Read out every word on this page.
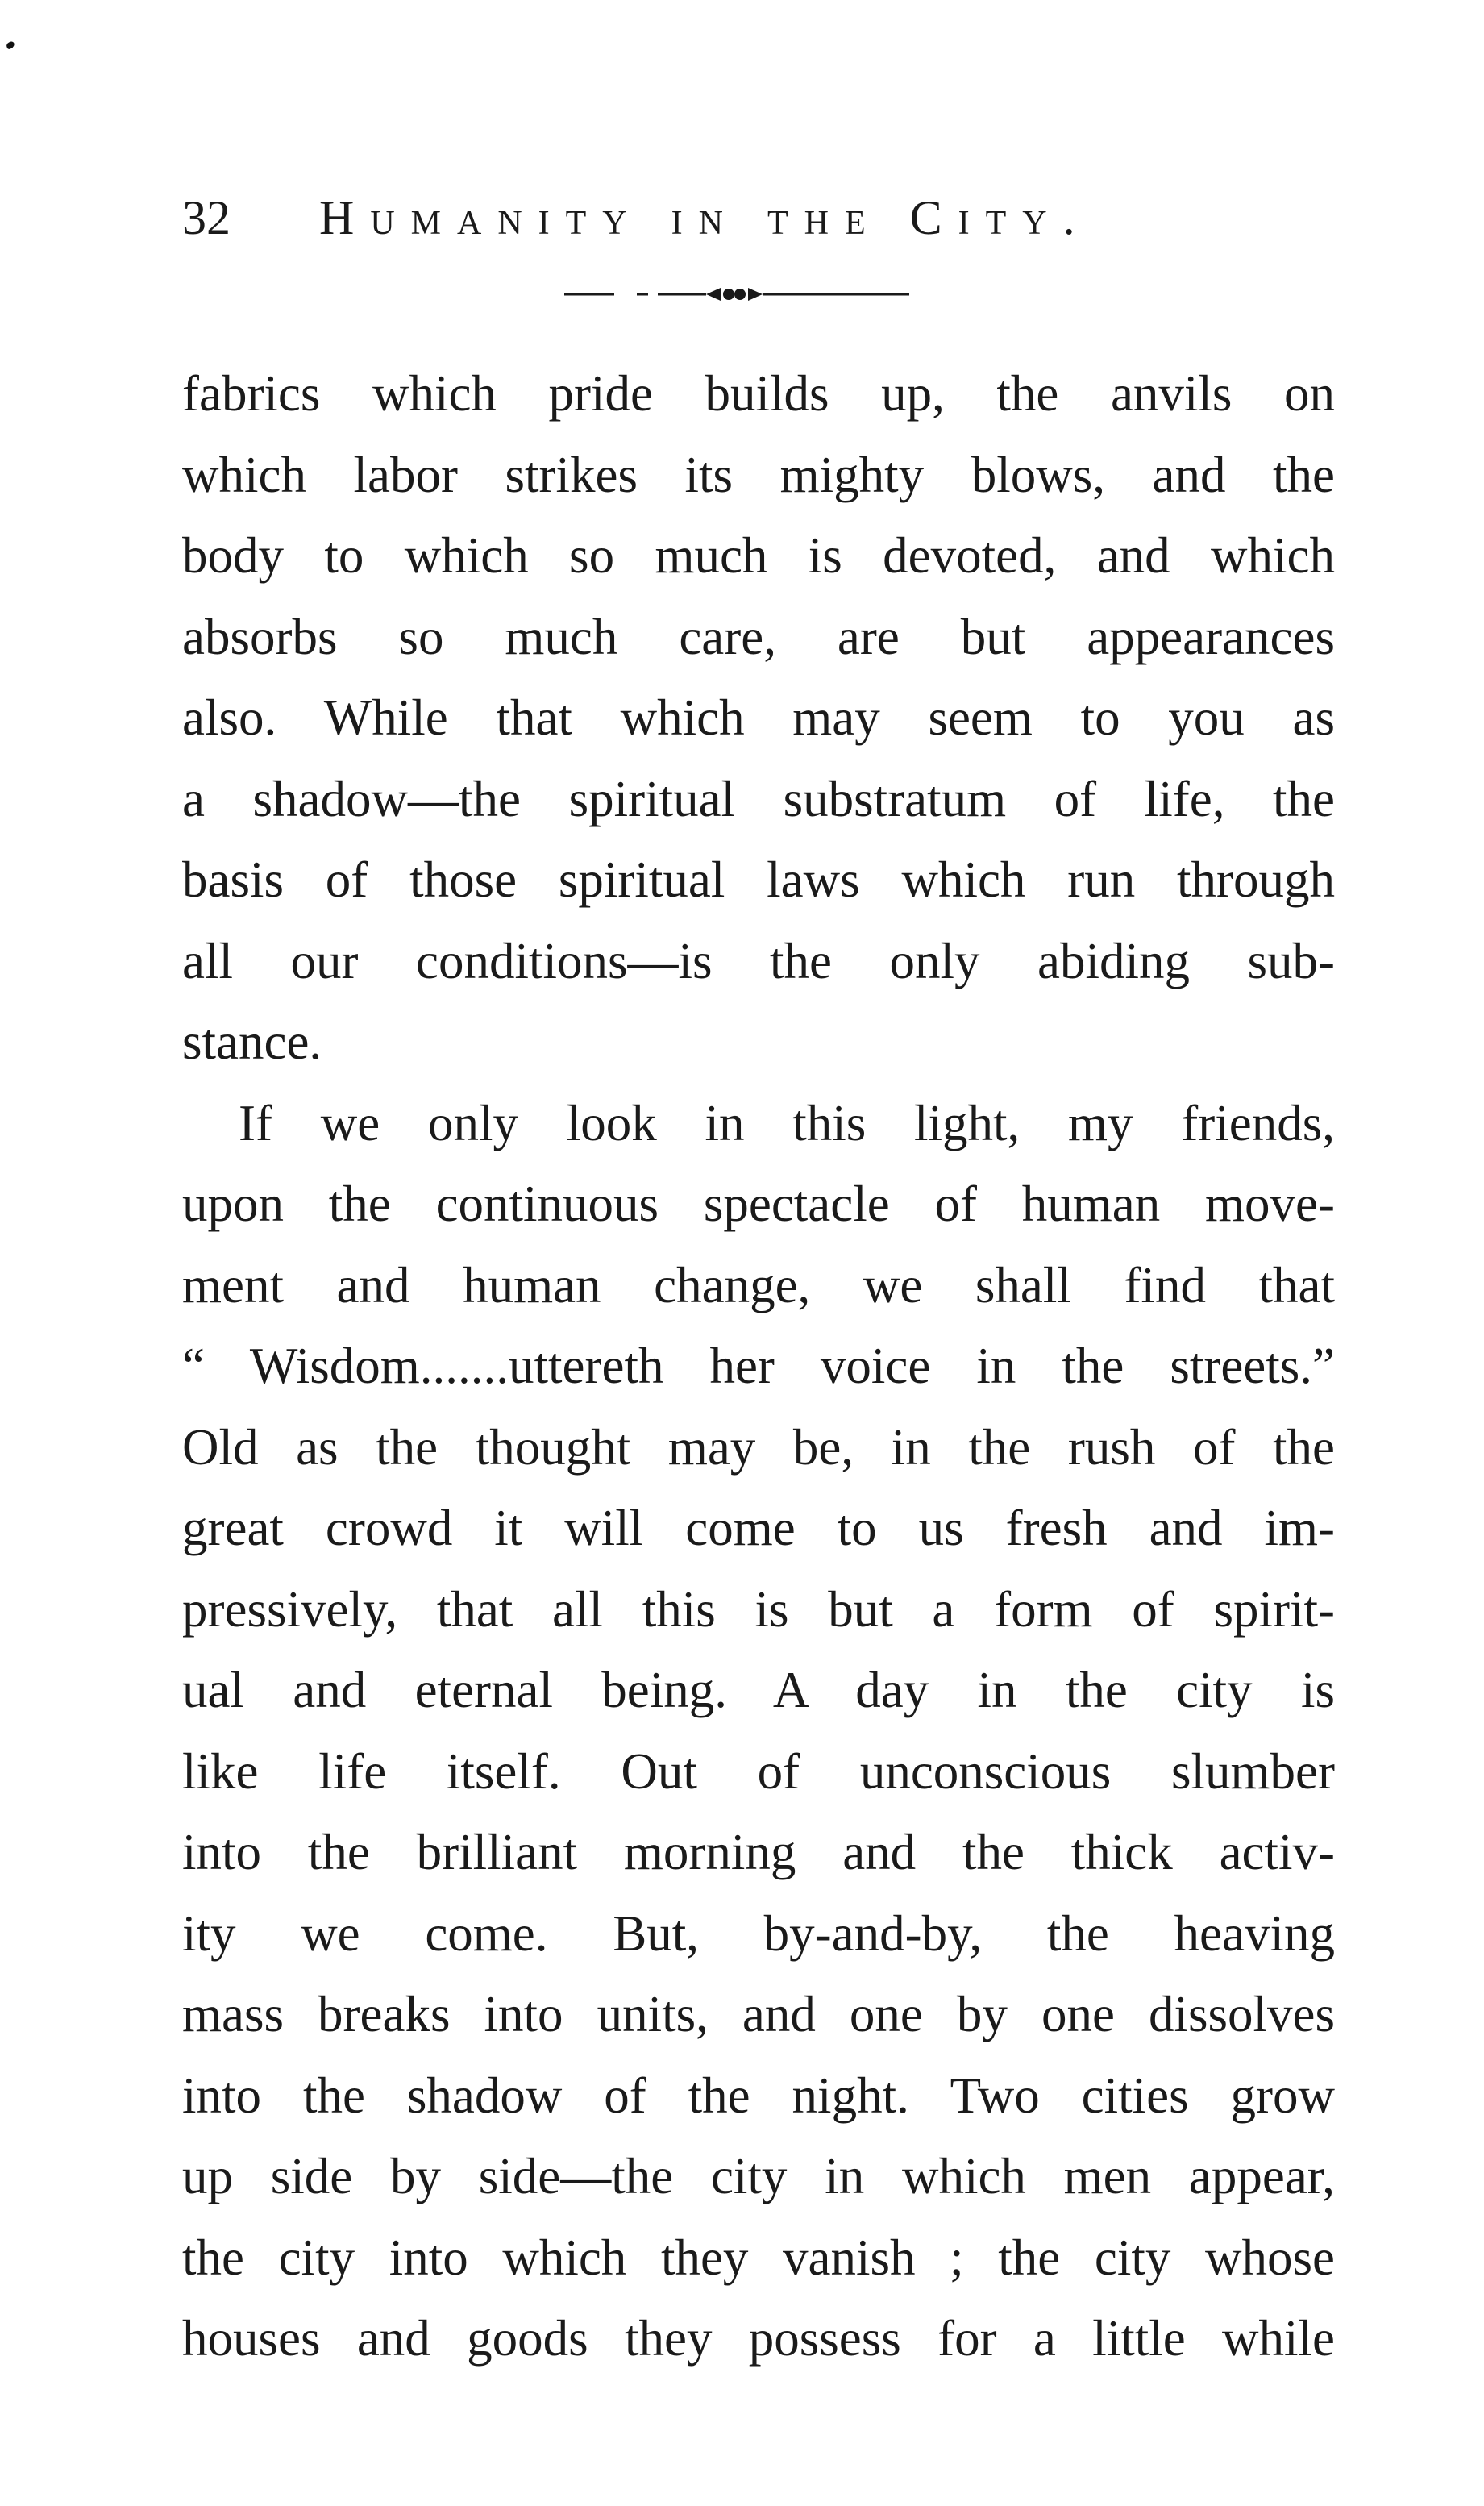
32 Humanity in the City.
fabrics which pride builds up, the anvils on
which labor strikes its mighty blows, and the
body to which so much is devoted, and which
absorbs so much care, are but appearances
also. While that which may seem to you as
a shadow—the spiritual substratum of life, the
basis of those spiritual laws which run through
all our conditions—is the only abiding sub-
stance.
If we only look in this light, my friends,
upon the continuous spectacle of human move-
ment and human change, we shall find that
“ Wisdom.......uttereth her voice in the streets.”
Old as the thought may be, in the rush of the
great crowd it will come to us fresh and im-
pressively, that all this is but a form of spirit-
ual and eternal being. A day in the city is
like life itself. Out of unconscious slumber
into the brilliant morning and the thick activ-
ity we come. But, by-and-by, the heaving
mass breaks into units, and one by one dissolves
into the shadow of the night. Two cities grow
up side by side—the city in which men appear,
the city into which they vanish ; the city whose
houses and goods they possess for a little while
